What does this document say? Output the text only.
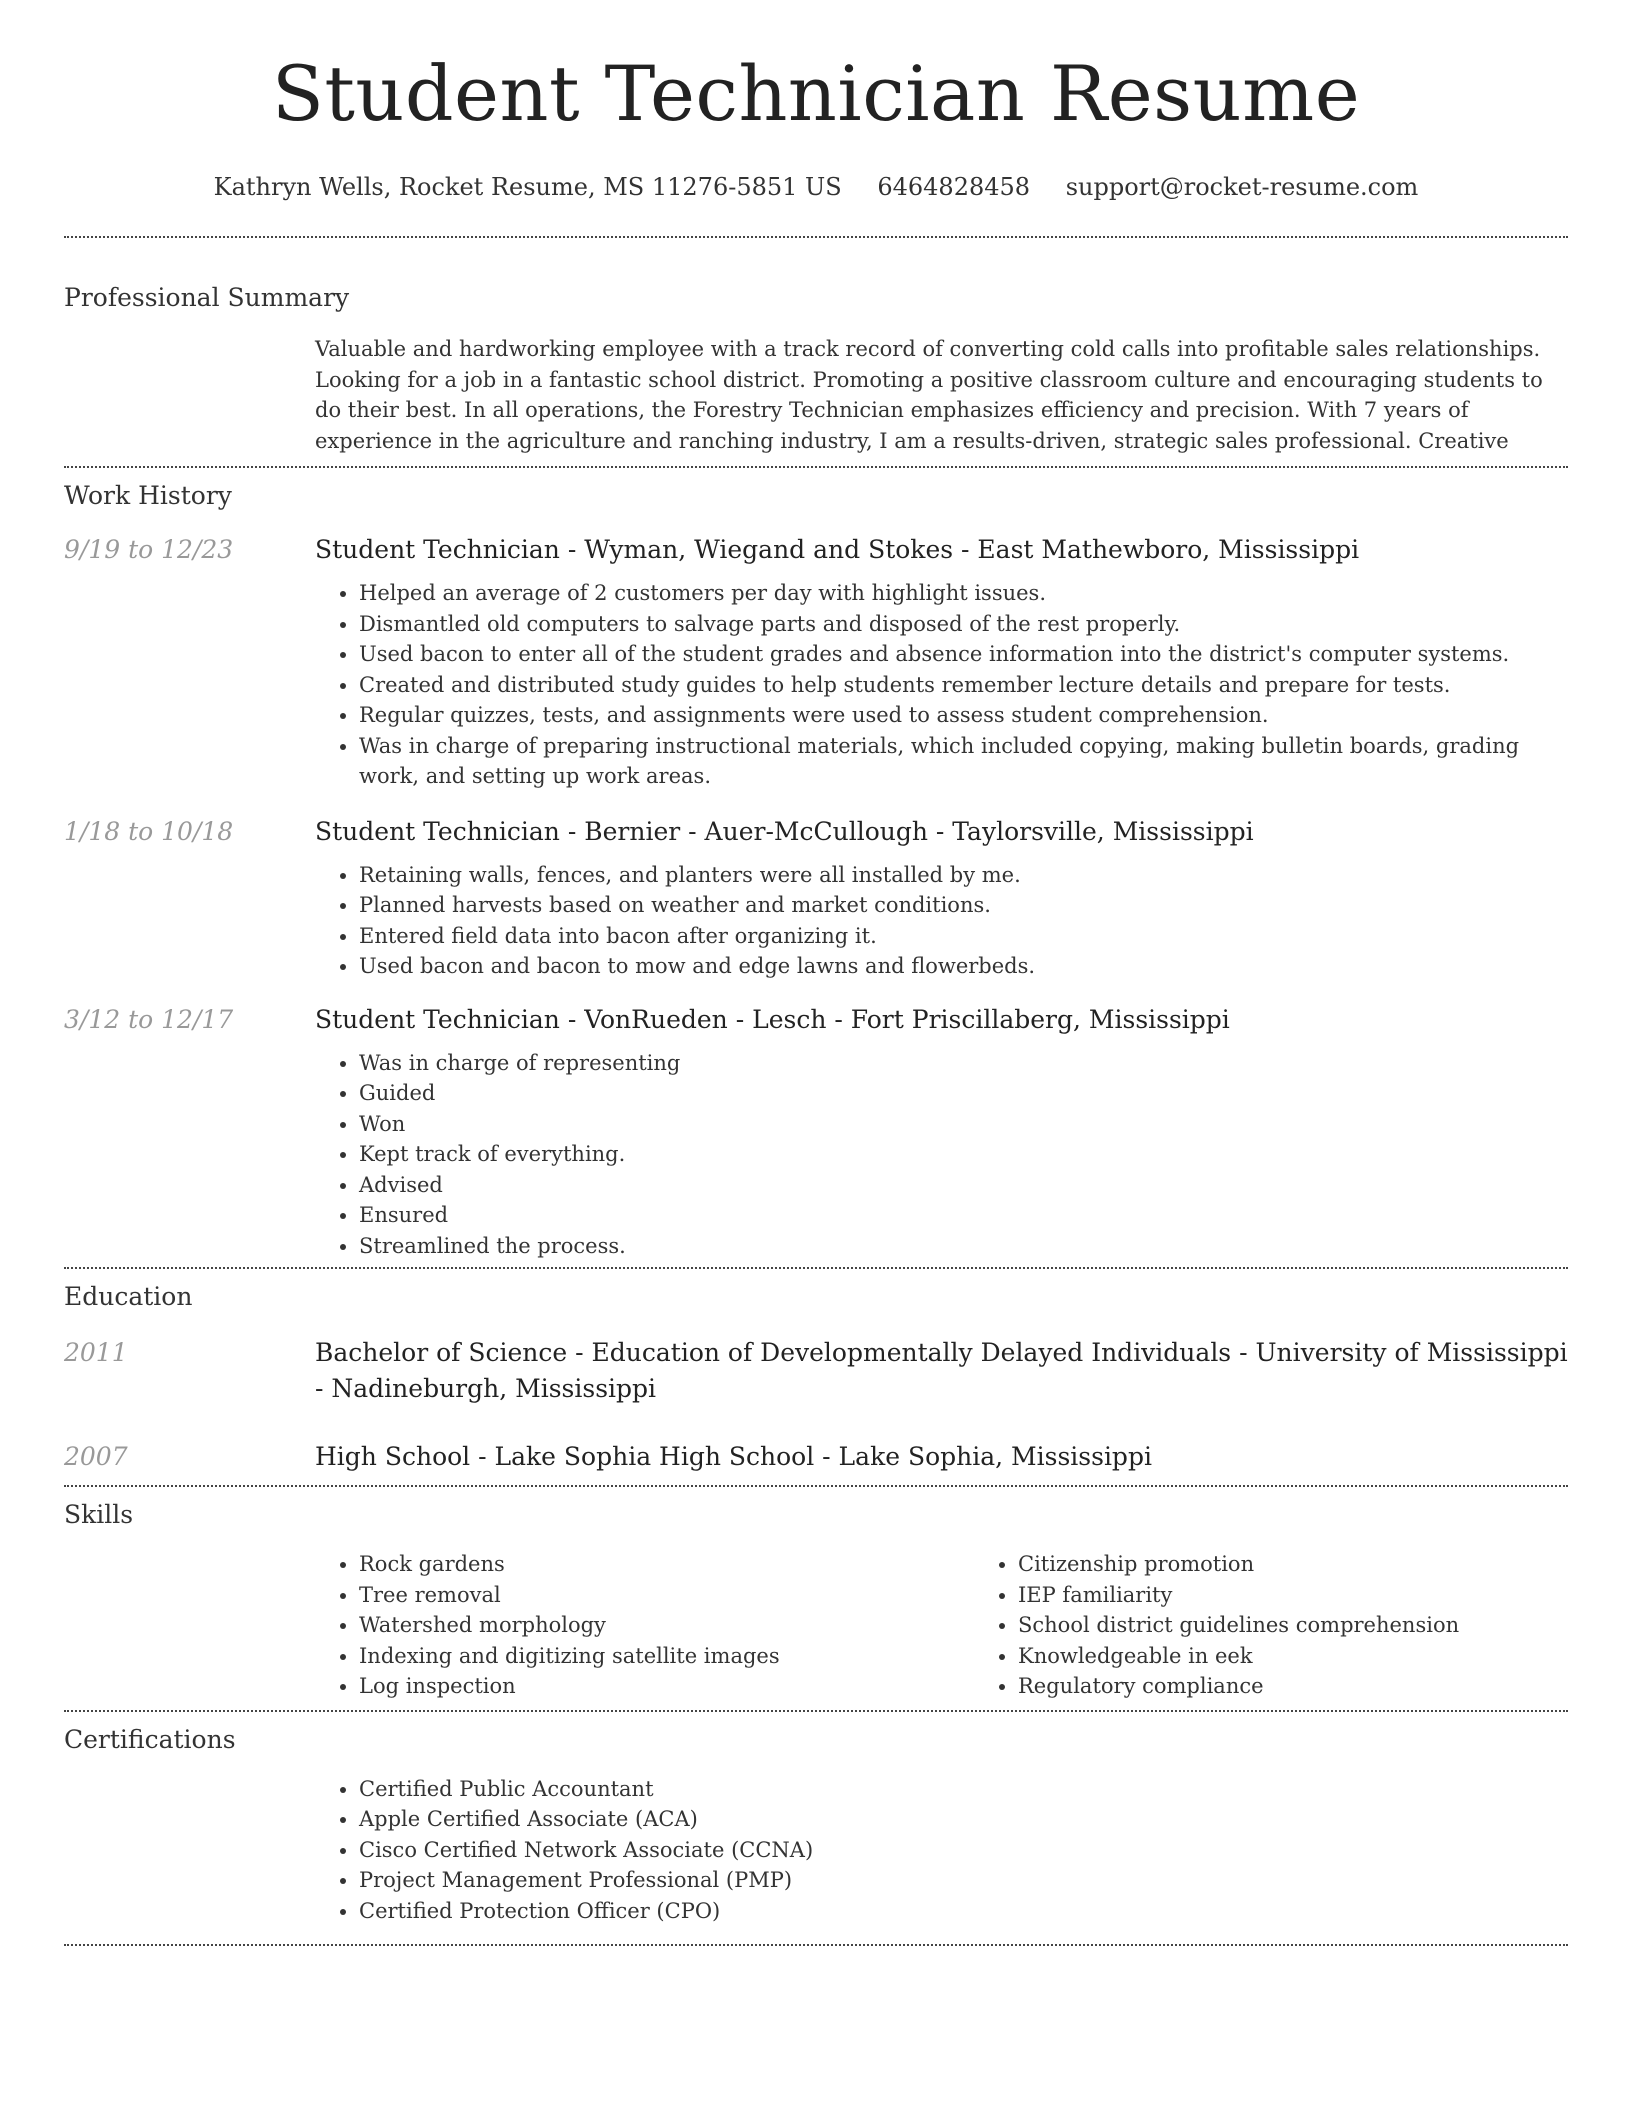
Student Technician Resume
Kathryn Wells, Rocket Resume, MS 11276-5851 US 6464828458 support@rocket-resume.com
Professional Summary
Valuable and hardworking employee with a track record of converting cold calls into profitable sales relationships. Looking for a job in a fantastic school district. Promoting a positive classroom culture and encouraging students to do their best. In all operations, the Forestry Technician emphasizes efficiency and precision. With 7 years of experience in the agriculture and ranching industry, I am a results-driven, strategic sales professional. Creative
Work History
9/19 to 12/23	Student Technician - Wyman, Wiegand and Stokes - East Mathewboro, Mississippi
• Helped an average of 2 customers per day with highlight issues.
• Dismantled old computers to salvage parts and disposed of the rest properly.
• Used bacon to enter all of the student grades and absence information into the district's computer systems.
• Created and distributed study guides to help students remember lecture details and prepare for tests.
• Regular quizzes, tests, and assignments were used to assess student comprehension.
• Was in charge of preparing instructional materials, which included copying, making bulletin boards, grading work, and setting up work areas.
1/18 to 10/18	Student Technician - Bernier - Auer-McCullough - Taylorsville, Mississippi
• Retaining walls, fences, and planters were all installed by me.
• Planned harvests based on weather and market conditions.
• Entered field data into bacon after organizing it.
• Used bacon and bacon to mow and edge lawns and flowerbeds.
3/12 to 12/17	Student Technician - VonRueden - Lesch - Fort Priscillaberg, Mississippi
• Was in charge of representing
• Guided
• Won
• Kept track of everything.
• Advised
• Ensured
• Streamlined the process.
Education
2011	Bachelor of Science - Education of Developmentally Delayed Individuals - University of Mississippi - Nadineburgh, Mississippi
2007	High School - Lake Sophia High School - Lake Sophia, Mississippi
Skills
• Rock gardens
• Tree removal
• Watershed morphology
• Indexing and digitizing satellite images
• Log inspection
• Citizenship promotion
• IEP familiarity
• School district guidelines comprehension
• Knowledgeable in eek
• Regulatory compliance
Certifications
• Certified Public Accountant
• Apple Certified Associate (ACA)
• Cisco Certified Network Associate (CCNA)
• Project Management Professional (PMP)
• Certified Protection Officer (CPO)
